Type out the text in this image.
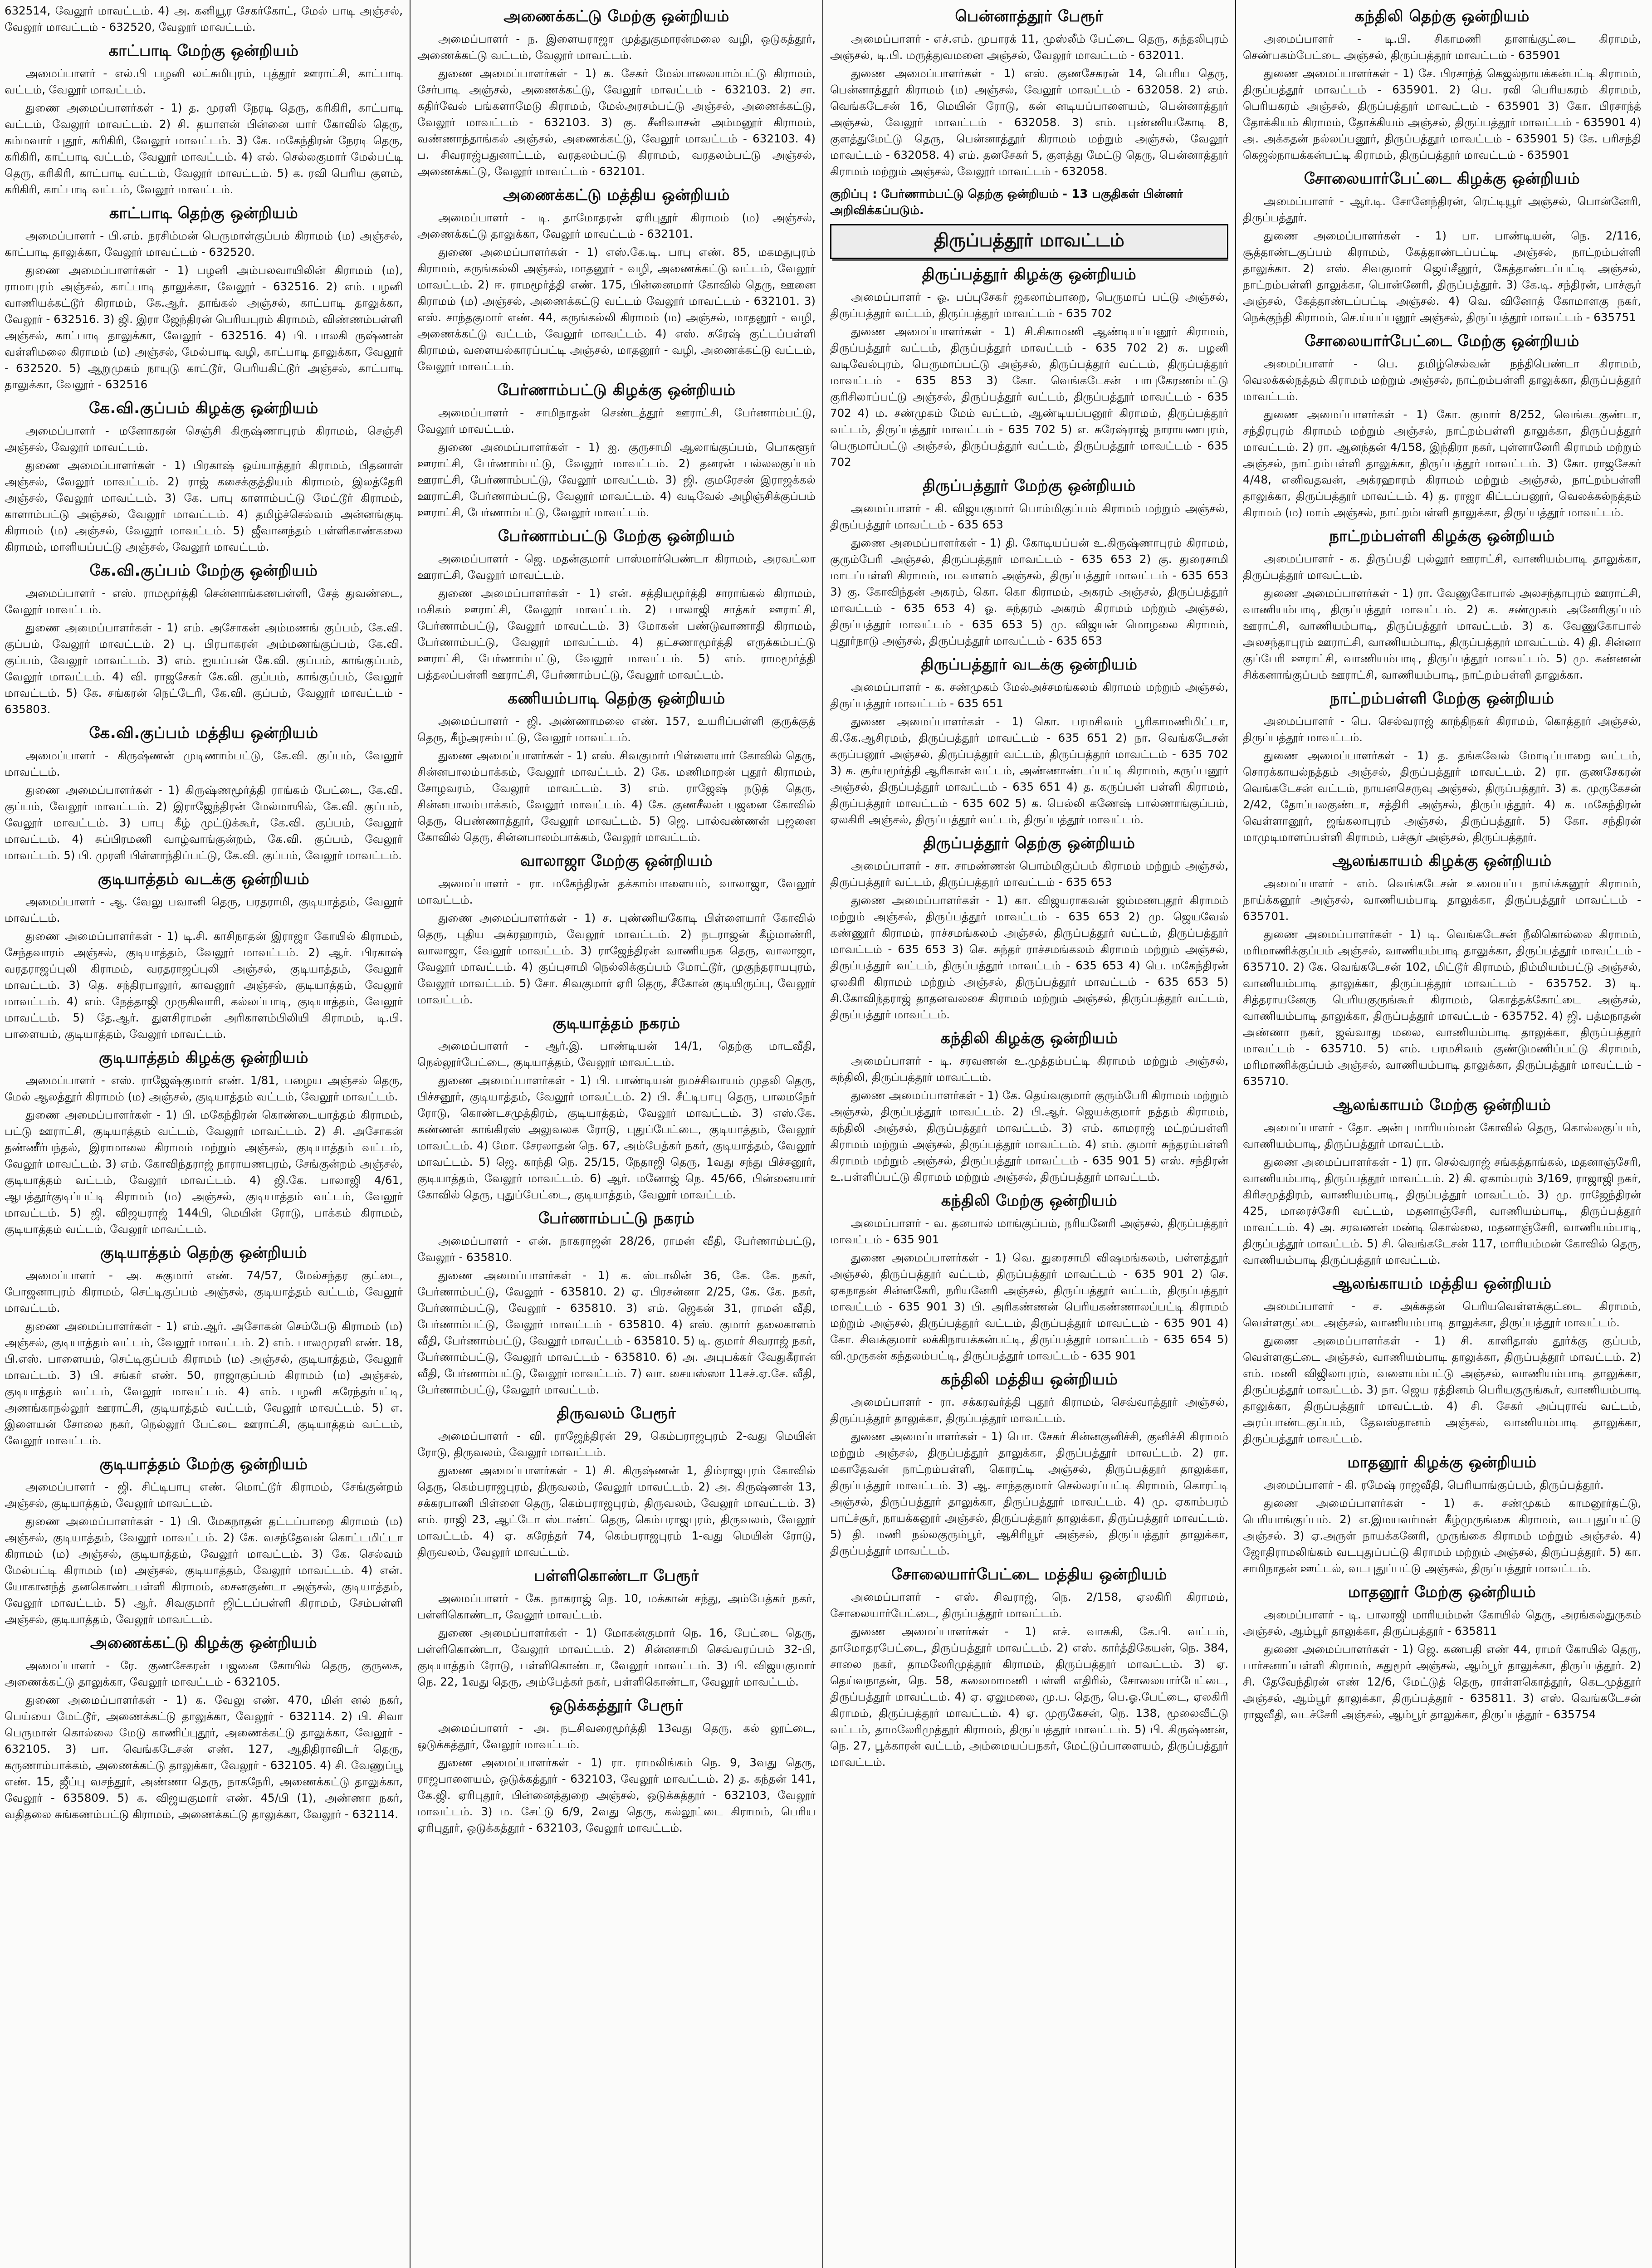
632514, வேலூர் மாவட்டம். 4) அ. கனியூர சேகர்கோட், மேல் பாடி அஞ்சல், வேலூர் மாவட்டம் - 632520, வேலூர் மாவட்டம்.

காட்பாடி மேற்கு ஒன்றியம்

அமைப்பாளர் - எல்.பி பழனி லட்சுமிபுரம், புத்தூர் ஊராட்சி, காட்பாடி வட்டம், வேலூர் மாவட்டம்.

துணை அமைப்பாளர்கள் - 1) த. முரளி நேரடி தெரு, கரிகிரி, காட்பாடி வட்டம், வேலூர் மாவட்டம். 2) சி. தயாளன் பின்னை யார் கோவில் தெரு, கம்மவார் புதூர், கரிகிரி, வேலூர் மாவட்டம். 3) கே. மகேந்திரன் நேரடி தெரு, கரிகிரி, காட்பாடி வட்டம், வேலூர் மாவட்டம். 4) எல். செல்லகுமார் மேல்பட்டி தெரு, கரிகிரி, காட்பாடி வட்டம், வேலூர் மாவட்டம். 5) க. ரவி பெரிய குளம், கரிகிரி, காட்பாடி வட்டம், வேலூர் மாவட்டம்.

காட்பாடி தெற்கு ஒன்றியம்

அமைப்பாளர் - பி.எம். நரசிம்மன் பெருமாள்குப்பம் கிராமம் (ம) அஞ்சல், காட்பாடி தாலுக்கா, வேலூர் மாவட்டம் - 632520.

துணை அமைப்பாளர்கள் - 1) பழனி அம்பலவாயிலின் கிராமம் (ம), ராமாபுரம் அஞ்சல், காட்பாடி தாலுக்கா, வேலூர் - 632516. 2) எம். பழனி வாணியக்கட்டூர் கிராமம், கே.ஆர். தாங்கல் அஞ்சல், காட்பாடி தாலுக்கா, வேலூர் - 632516. 3) ஜி. இரா ஜேந்திரன் பெரியபுரம் கிராமம், விண்ணம்பள்ளி அஞ்சல், காட்பாடி தாலுக்கா, வேலூர் - 632516. 4) பி. பாலகி ருஷ்ணன் வள்ளிமலை கிராமம் (ம) அஞ்சல், மேல்பாடி வழி, காட்பாடி தாலுக்கா, வேலூர் - 632520. 5) ஆறுமுகம் நாயுடு காட்டூர், பெரியகிட்டூர் அஞ்சல், காட்பாடி தாலுக்கா, வேலூர் - 632516

கே.வி.குப்பம் கிழக்கு ஒன்றியம்

அமைப்பாளர் - மனோகரன் செஞ்சி கிருஷ்ணாபுரம் கிராமம், செஞ்சி அஞ்சல், வேலூர் மாவட்டம்.

துணை அமைப்பாளர்கள் - 1) பிரகாஷ் ஒய்யாத்தூர் கிராமம், பிதனாள் அஞ்சல், வேலூர் மாவட்டம். 2) ராஜ் கசைக்குத்தியம் கிராமம், இலத்தேரி அஞ்சல், வேலூர் மாவட்டம். 3) கே. பாபு காளாம்பட்டு மேட்டூர் கிராமம், காளாம்பட்டு அஞ்சல், வேலூர் மாவட்டம். 4) தமிழ்ச்செல்வம் அன்னங்குடி கிராமம் (ம) அஞ்சல், வேலூர் மாவட்டம். 5) ஜீவானந்தம் பள்ளிகாண்கலை கிராமம், மாளியப்பட்டு அஞ்சல், வேலூர் மாவட்டம்.

கே.வி.குப்பம் மேற்கு ஒன்றியம்

அமைப்பாளர் - எஸ். ராமமூர்த்தி சென்னாங்கணபள்ளி, சேத் துவண்டை, வேலூர் மாவட்டம்.

துணை அமைப்பாளர்கள் - 1) எம். அசோகன் அம்மணங் குப்பம், கே.வி. குப்பம், வேலூர் மாவட்டம். 2) பு. பிரபாகரன் அம்மணங்குப்பம், கே.வி. குப்பம், வேலூர் மாவட்டம். 3) எம். ஐயப்பன் கே.வி. குப்பம், காங்குப்பம், வேலூர் மாவட்டம். 4) வி. ராஜசேகர் கே.வி. குப்பம், காங்குப்பம், வேலூர் மாவட்டம். 5) கே. சங்கரன் நெட்டேரி, கே.வி. குப்பம், வேலூர் மாவட்டம் - 635803.

கே.வி.குப்பம் மத்திய ஒன்றியம்

அமைப்பாளர் - கிருஷ்ணன் முடிணாம்பட்டு, கே.வி. குப்பம், வேலூர் மாவட்டம்.

துணை அமைப்பாளர்கள் - 1) கிருஷ்ணமூர்த்தி ராங்கம் பேட்டை, கே.வி. குப்பம், வேலூர் மாவட்டம். 2) இராஜேந்திரன் மேல்மாயில், கே.வி. குப்பம், வேலூர் மாவட்டம். 3) பாபு கீழ் முட்டுக்கூர், கே.வி. குப்பம், வேலூர் மாவட்டம். 4) சுப்பிரமணி வாழ்வாங்குன்றம், கே.வி. குப்பம், வேலூர் மாவட்டம். 5) பி. முரளி பிள்ளாந்திப்பட்டு, கே.வி. குப்பம், வேலூர் மாவட்டம்.

குடியாத்தம் வடக்கு ஒன்றியம்

அமைப்பாளர் - ஆ. வேலு பவானி தெரு, பரதராமி, குடியாத்தம், வேலூர் மாவட்டம்.

துணை அமைப்பாளர்கள் - 1) டி.சி. காசிநாதன் இராஜா கோயில் கிராமம், சேந்தவாரம் அஞ்சல், குடியாத்தம், வேலூர் மாவட்டம். 2) ஆர். பிரகாஷ் வரதராஜப்புலி கிராமம், வரதராஜப்புலி அஞ்சல், குடியாத்தம், வேலூர் மாவட்டம். 3) தெ. சந்திரபாலூர், காவனூர் அஞ்சல், குடியாத்தம், வேலூர் மாவட்டம். 4) எம். நேத்தாஜி முருகிவாரி, கல்லப்பாடி, குடியாத்தம், வேலூர் மாவட்டம். 5) தே.ஆர். துளசிராமன் அரிகாளம்பிலியி கிராமம், டி.பி. பாளையம், குடியாத்தம், வேலூர் மாவட்டம்.

குடியாத்தம் கிழக்கு ஒன்றியம்

அமைப்பாளர் - எஸ். ராஜேஷ்குமார் எண். 1/81, பழைய அஞ்சல் தெரு, மேல் ஆலத்தூர் கிராமம் (ம) அஞ்சல், குடியாத்தம் வட்டம், வேலூர் மாவட்டம்.

துணை அமைப்பாளர்கள் - 1) பி. மகேந்திரன் கொண்டையாத்தம் கிராமம், பட்டு ஊராட்சி, குடியாத்தம் வட்டம், வேலூர் மாவட்டம். 2) சி. அசோகன் தண்ணீர்பந்தல், இராமாலை கிராமம் மற்றும் அஞ்சல், குடியாத்தம் வட்டம், வேலூர் மாவட்டம். 3) எம். கோவிந்தராஜ் நாராயணபுரம், சேங்குன்றம் அஞ்சல், குடியாத்தம் வட்டம், வேலூர் மாவட்டம். 4) ஜி.கே. பாலாஜி 4/61, ஆபத்தூர்குடிப்பட்டி கிராமம் (ம) அஞ்சல், குடியாத்தம் வட்டம், வேலூர் மாவட்டம். 5) ஜி. விஜயராஜ் 144பி, மெயின் ரோடு, பாக்கம் கிராமம், குடியாத்தம் வட்டம், வேலூர் மாவட்டம்.

குடியாத்தம் தெற்கு ஒன்றியம்

அமைப்பாளர் - அ. சுகுமார் எண். 74/57, மேல்சந்தர குட்டை, போஜனாபுரம் கிராமம், செட்டிகுப்பம் அஞ்சல், குடியாத்தம் வட்டம், வேலூர் மாவட்டம்.

துணை அமைப்பாளர்கள் - 1) எம்.ஆர். அசோகன் செம்பேடு கிராமம் (ம) அஞ்சல், குடியாத்தம் வட்டம், வேலூர் மாவட்டம். 2) எம். பாலமுரளி எண். 18, பி.எஸ். பாளையம், செட்டிகுப்பம் கிராமம் (ம) அஞ்சல், குடியாத்தம், வேலூர் மாவட்டம். 3) பி. சங்கர் எண். 50, ராஜாகுப்பம் கிராமம் (ம) அஞ்சல், குடியாத்தம் வட்டம், வேலூர் மாவட்டம். 4) எம். பழனி சுரேந்தர்பட்டி, அணங்காநல்லூர் ஊராட்சி, குடியாத்தம் வட்டம், வேலூர் மாவட்டம். 5) எ. இளையன் சோலை நகர், நெல்லூர் பேட்டை ஊராட்சி, குடியாத்தம் வட்டம், வேலூர் மாவட்டம்.

குடியாத்தம் மேற்கு ஒன்றியம்

அமைப்பாளர் - ஜி. சிட்டிபாபு எண். மொட்டூர் கிராமம், சேங்குன்றம் அஞ்சல், குடியாத்தம், வேலூர் மாவட்டம்.

துணை அமைப்பாளர்கள் - 1) பி. மேகநாதன் தட்டப்பாறை கிராமம் (ம) அஞ்சல், குடியாத்தம், வேலூர் மாவட்டம். 2) கே. வசந்தேவன் கொட்டமிட்டா கிராமம் (ம) அஞ்சல், குடியாத்தம், வேலூர் மாவட்டம். 3) கே. செல்வம் மேல்பட்டி கிராமம் (ம) அஞ்சல், குடியாத்தம், வேலூர் மாவட்டம். 4) என். யோகானந்த் தனகொண்டபள்ளி கிராமம், சைனகுண்டா அஞ்சல், குடியாத்தம், வேலூர் மாவட்டம். 5) ஆர். சிவகுமார் ஜிட்டப்பள்ளி கிராமம், சேம்பள்ளி அஞ்சல், குடியாத்தம், வேலூர் மாவட்டம்.

அணைக்கட்டு கிழக்கு ஒன்றியம்

அமைப்பாளர் - ரே. குணசேகரன் பஜனை கோயில் தெரு, குருகை, அணைக்கட்டு தாலுக்கா, வேலூர் மாவட்டம் - 632105.

துணை அமைப்பாளர்கள் - 1) க. வேலு எண். 470, மின் னல் நகர், பெய்யை மேட்டூர், அணைக்கட்டு தாலுக்கா, வேலூர் - 632114. 2) பி. சிவா பெருமாள் கொல்லை மேடு காணிப்புதூர், அணைக்கட்டு தாலுக்கா, வேலூர் - 632105. 3) பா. வெங்கடேசன் எண். 127, ஆதிதிராவிடர் தெரு, கருணாம்பாக்கம், அணைக்கட்டு தாலுக்கா, வேலூர் - 632105. 4) சி. வேணுப்பூ எண். 15, ஜீப்பு வசந்தூர், அண்ணா தெரு, நாகநேரி, அணைக்கட்டு தாலுக்கா, வேலூர் - 635809. 5) க. விஜயகுமார் எண். 45/பி (1), அண்ணா நகர், வதிதலை சுங்கணம்பட்டு கிராமம், அணைக்கட்டு தாலுக்கா, வேலூர் - 632114.

அணைக்கட்டு மேற்கு ஒன்றியம்

அமைப்பாளர் - ந. இளையராஜா முத்துகுமாரன்மலை வழி, ஒடுகத்தூர், அணைக்கட்டு வட்டம், வேலூர் மாவட்டம்.

துணை அமைப்பாளர்கள் - 1) க. சேகர் மேல்பாலையாம்பட்டு கிராமம், சேர்பாடி அஞ்சல், அணைக்கட்டு, வேலூர் மாவட்டம் - 632103. 2) சா. கதிர்வேல் பங்களாமேடு கிராமம், மேல்அரசம்பட்டு அஞ்சல், அணைக்கட்டு, வேலூர் மாவட்டம் - 632103. 3) கு. சீனிவாசன் அம்மனூர் கிராமம், வண்ணாந்தாங்கல் அஞ்சல், அணைக்கட்டு, வேலூர் மாவட்டம் - 632103. 4) ப. சிவராஜ்பதுனாட்டம், வரதலம்பட்டு கிராமம், வரதலம்பட்டு அஞ்சல், அணைக்கட்டு, வேலூர் மாவட்டம் - 632101.

அணைக்கட்டு மத்திய ஒன்றியம்

அமைப்பாளர் - டி. தாமோதரன் ஏரிபுதூர் கிராமம் (ம) அஞ்சல், அணைக்கட்டு தாலுக்கா, வேலூர் மாவட்டம் - 632101.

துணை அமைப்பாளர்கள் - 1) எஸ்.கே.டி. பாபு எண். 85, மகமதுபுரம் கிராமம், கருங்கல்லி அஞ்சல், மாதனூர் - வழி, அணைக்கட்டு வட்டம், வேலூர் மாவட்டம். 2) ஈ. ராமமூர்த்தி எண். 175, பின்னைமார் கோவில் தெரு, ஊனை கிராமம் (ம) அஞ்சல், அணைக்கட்டு வட்டம் வேலூர் மாவட்டம் - 632101. 3) எஸ். சாந்தகுமார் எண். 44, கருங்கல்லி கிராமம் (ம) அஞ்சல், மாதனூர் - வழி, அணைக்கட்டு வட்டம், வேலூர் மாவட்டம். 4) எஸ். சுரேஷ் குட்டப்பள்ளி கிராமம், வளையல்காரப்பட்டி அஞ்சல், மாதனூர் - வழி, அணைக்கட்டு வட்டம், வேலூர் மாவட்டம்.

பேர்ணாம்பட்டு கிழக்கு ஒன்றியம்

அமைப்பாளர் - சாமிநாதன் செண்டத்தூர் ஊராட்சி, பேர்ணாம்பட்டு, வேலூர் மாவட்டம்.

துணை அமைப்பாளர்கள் - 1) ஐ. குருசாமி ஆலாங்குப்பம், பொகளூர் ஊராட்சி, பேர்ணாம்பட்டு, வேலூர் மாவட்டம். 2) தனரன் பல்லலகுப்பம் ஊராட்சி, பேர்ணாம்பட்டு, வேலூர் மாவட்டம். 3) ஜி. குமரேசன் இராஜக்கல் ஊராட்சி, பேர்ணாம்பட்டு, வேலூர் மாவட்டம். 4) வடிவேல் அழிஞ்சிக்குப்பம் ஊராட்சி, பேர்ணாம்பட்டு, வேலூர் மாவட்டம்.

பேர்ணாம்பட்டு மேற்கு ஒன்றியம்

அமைப்பாளர் - ஜெ. மதன்குமார் பாஸ்மார்பெண்டா கிராமம், அரவட்லா ஊராட்சி, வேலூர் மாவட்டம்.

துணை அமைப்பாளர்கள் - 1) என். சத்தியமூர்த்தி சாராங்கல் கிராமம், மசிகம் ஊராட்சி, வேலூர் மாவட்டம். 2) பாலாஜி சாத்கர் ஊராட்சி, பேர்ணாம்பட்டு, வேலூர் மாவட்டம். 3) மோகன் பண்டுவாணாதி கிராமம், பேர்ணாம்பட்டு, வேலூர் மாவட்டம். 4) தட்சணாமூர்த்தி எருக்கம்பட்டு ஊராட்சி, பேர்ணாம்பட்டு, வேலூர் மாவட்டம். 5) எம். ராமமூர்த்தி பத்தலப்பள்ளி ஊராட்சி, பேர்ணாம்பட்டு, வேலூர் மாவட்டம்.

கணியம்பாடி தெற்கு ஒன்றியம்

அமைப்பாளர் - ஜி. அண்ணாமலை எண். 157, உயரிப்பள்ளி குருக்குத் தெரு, கீழ்அரசம்பட்டு, வேலூர் மாவட்டம்.

துணை அமைப்பாளர்கள் - 1) எஸ். சிவகுமார் பிள்ளையார் கோவில் தெரு, சின்னபாலம்பாக்கம், வேலூர் மாவட்டம். 2) கே. மணிமாறன் புதூர் கிராமம், சோழவரம், வேலூர் மாவட்டம். 3) எம். ராஜேஷ் நடுத் தெரு, சின்னபாலம்பாக்கம், வேலூர் மாவட்டம். 4) கே. குணசீலன் பஜனை கோவில் தெரு, பெண்ணாத்தூர், வேலூர் மாவட்டம். 5) ஜெ. பால்வண்ணன் பஜனை கோவில் தெரு, சின்னபாலம்பாக்கம், வேலூர் மாவட்டம்.

வாலாஜா மேற்கு ஒன்றியம்

அமைப்பாளர் - ரா. மகேந்திரன் தக்காம்பாளையம், வாலாஜா, வேலூர் மாவட்டம்.

துணை அமைப்பாளர்கள் - 1) ச. புண்ணியகோடி பிள்ளையார் கோவில் தெரு, புதிய அக்ரஹாரம், வேலூர் மாவட்டம். 2) நடராஜன் கீழ்மாண்ரி, வாலாஜா, வேலூர் மாவட்டம். 3) ராஜேந்திரன் வாணியநக தெரு, வாலாஜா, வேலூர் மாவட்டம். 4) குப்புசாமி நெல்லிக்குப்பம் மோட்டூர், முகுந்தராயபுரம், வேலூர் மாவட்டம். 5) சோ. சிவகுமார் ஏரி தெரு, சீகோன் குடியிருப்பு, வேலூர் மாவட்டம்.

குடியாத்தம் நகரம்

அமைப்பாளர் - ஆர்.இ. பாண்டியன் 14/1, தெற்கு மாடவீதி, நெல்லூர்பேட்டை, குடியாத்தம், வேலூர் மாவட்டம்.

துணை அமைப்பாளர்கள் - 1) பி. பாண்டியன் நமச்சிவாயம் முதலி தெரு, பிச்சனூர், குடியாத்தம், வேலூர் மாவட்டம். 2) பி. சீட்டிபாபு தெரு, பாலமநேர் ரோடு, கொண்டசமுத்திரம், குடியாத்தம், வேலூர் மாவட்டம். 3) எஸ்.கே. கண்ணன் காங்கிரஸ் அலுவலக ரோடு, புதுப்பேட்டை, குடியாத்தம், வேலூர் மாவட்டம். 4) மோ. சேரலாதன் நெ. 67, அம்பேத்கர் நகர், குடியாத்தம், வேலூர் மாவட்டம். 5) ஜெ. காந்தி நெ. 25/15, நேதாஜி தெரு, 1வது சந்து பிச்சனூர், குடியாத்தம், வேலூர் மாவட்டம். 6) ஆர். மனோஜ் நெ. 45/66, பின்னையார் கோவில் தெரு, புதுப்பேட்டை, குடியாத்தம், வேலூர் மாவட்டம்.

பேர்ணாம்பட்டு நகரம்

அமைப்பாளர் - என். நாகராஜன் 28/26, ராமன் வீதி, பேர்ணாம்பட்டு, வேலூர் - 635810.

துணை அமைப்பாளர்கள் - 1) க. ஸ்டாலின் 36, கே. கே. நகர், பேர்ணாம்பட்டு, வேலூர் - 635810. 2) ஏ. பிரசன்னா 2/25, கே. கே. நகர், பேர்ணாம்பட்டு, வேலூர் - 635810. 3) எம். ஜெகன் 31, ராமன் வீதி, பேர்ணாம்பட்டு, வேலூர் மாவட்டம் - 635810. 4) எஸ். குமார் தலைகாளம் வீதி, பேர்ணாம்பட்டு, வேலூர் மாவட்டம் - 635810. 5) டி. குமார் சிவராஜ் நகர், பேர்ணாம்பட்டு, வேலூர் மாவட்டம் - 635810. 6) அ. அபுபக்கர் வேதுகீரான் வீதி, பேர்ணாம்பட்டு, வேலூர் மாவட்டம். 7) வா. சையஸ்ஸா 11சச்.ஏ.சே. வீதி, பேர்ணாம்பட்டு, வேலூர் மாவட்டம்.

திருவலம் பேரூர்

அமைப்பாளர் - வி. ராஜேந்திரன் 29, கெம்பராஜபுரம் 2-வது மெயின் ரோடு, திருவலம், வேலூர் மாவட்டம்.

துணை அமைப்பாளர்கள் - 1) சி. கிருஷ்ணன் 1, திம்ராஜபுரம் கோவில் தெரு, கெம்பராஜபுரம், திருவலம், வேலூர் மாவட்டம். 2) அ. கிருஷ்ணன் 13, சக்கரபாணி பிள்ளை தெரு, கெம்பராஜபுரம், திருவலம், வேலூர் மாவட்டம். 3) எம். ராஜி 23, ஆட்டோ ஸ்டாண்ட் தெரு, கெம்பராஜபுரம், திருவலம், வேலூர் மாவட்டம். 4) ஏ. சுரேந்தர் 74, கெம்பராஜபுரம் 1-வது மெயின் ரோடு, திருவலம், வேலூர் மாவட்டம்.

பள்ளிகொண்டா பேரூர்

அமைப்பாளர் - கே. நாகராஜ் நெ. 10, மக்கான் சந்து, அம்பேத்கர் நகர், பள்ளிகொண்டா, வேலூர் மாவட்டம்.

துணை அமைப்பாளர்கள் - 1) மோகன்குமார் நெ. 16, பேட்டை தெரு, பள்ளிகொண்டா, வேலூர் மாவட்டம். 2) சின்னசாமி செவ்வரப்பம் 32-பி, குடியாத்தம் ரோடு, பள்ளிகொண்டா, வேலூர் மாவட்டம். 3) பி. விஜயகுமார் நெ. 22, 1வது தெரு, அம்பேத்கர் நகர், பள்ளிகொண்டா, வேலூர் மாவட்டம்.

ஒடுக்கத்தூர் பேரூர்

அமைப்பாளர் - அ. நடசிவரைமூர்த்தி 13வது தெரு, கல் லூட்டை, ஒடுக்கத்தூர், வேலூர் மாவட்டம்.

துணை அமைப்பாளர்கள் - 1) ரா. ராமலிங்கம் நெ. 9, 3வது தெரு, ராஜபாளையம், ஒடுக்கத்தூர் - 632103, வேலூர் மாவட்டம். 2) த. கந்தன் 141, கே.ஜி. ஏரிபுதூர், பின்னைத்துறை அஞ்சல், ஒடுக்கத்தூர் - 632103, வேலூர் மாவட்டம். 3) ம. சேட்டு 6/9, 2வது தெரு, கல்லூட்டை கிராமம், பெரிய ஏரிபுதூர், ஒடுக்கத்தூர் - 632103, வேலூர் மாவட்டம்.

பென்னாத்தூர் பேரூர்

அமைப்பாளர் - எச்.எம். முபாரக் 11, முஸ்லீம் பேட்டை தெரு, சுந்தலிபுரம் அஞ்சல், டி.பி. மருத்துவமனை அஞ்சல், வேலூர் மாவட்டம் - 632011.

துணை அமைப்பாளர்கள் - 1) எஸ். குணசேகரன் 14, பெரிய தெரு, பென்னாத்தூர் கிராமம் (ம) அஞ்சல், வேலூர் மாவட்டம் - 632058. 2) எம். வெங்கடேசன் 16, மெயின் ரோடு, கன் னடியப்பாளையம், பென்னாத்தூர் அஞ்சல், வேலூர் மாவட்டம் - 632058. 3) எம். புண்ணியகோடி 8, குளத்துமேட்டு தெரு, பென்னாத்தூர் கிராமம் மற்றும் அஞ்சல், வேலூர் மாவட்டம் - 632058. 4) எம். தனசேகர் 5, குளத்து மேட்டு தெரு, பென்னாத்தூர் கிராமம் மற்றும் அஞ்சல், வேலூர் மாவட்டம் - 632058.

குறிப்பு : பேர்ணாம்பட்டு தெற்கு ஒன்றியம் - 13 பகுதிகள் பின்னர் அறிவிக்கப்படும்.
திருப்பத்தூர் மாவட்டம்
திருப்பத்தூர் கிழக்கு ஒன்றியம்

அமைப்பாளர் - ஓ. பப்புசேகர் ஜகலாம்பாறை, பெருமாப் பட்டு அஞ்சல், திருப்பத்தூர் வட்டம், திருப்பத்தூர் மாவட்டம் - 635 702

துணை அமைப்பாளர்கள் - 1) சி.சிகாமணி ஆண்டியப்பனூர் கிராமம், திருப்பத்தூர் வட்டம், திருப்பத்தூர் மாவட்டம் - 635 702 2) சு. பழனி வடிவேல்புரம், பெருமாப்பட்டு அஞ்சல், திருப்பத்தூர் வட்டம், திருப்பத்தூர் மாவட்டம் - 635 853 3) கோ. வெங்கடேசன் பாபுகேரணம்பட்டு குரிசிலாப்பட்டு அஞ்சல், திருப்பத்தூர் வட்டம், திருப்பத்தூர் மாவட்டம் - 635 702 4) ம. சண்முகம் மேம் வட்டம், ஆண்டியப்பனூர் கிராமம், திருப்பத்தூர் வட்டம், திருப்பத்தூர் மாவட்டம் - 635 702 5) எ. சுரேஷ்ராஜ் நாராயணபுரம், பெருமாப்பட்டு அஞ்சல், திருப்பத்தூர் வட்டம், திருப்பத்தூர் மாவட்டம் - 635 702

திருப்பத்தூர் மேற்கு ஒன்றியம்

அமைப்பாளர் - கி. விஜயகுமார் பொம்மிகுப்பம் கிராமம் மற்றும் அஞ்சல், திருப்பத்தூர் மாவட்டம் - 635 653

துணை அமைப்பாளர்கள் - 1) தி. கோடியப்பன் உ.கிருஷ்ணாபுரம் கிராமம், குரும்பேரி அஞ்சல், திருப்பத்தூர் மாவட்டம் - 635 653 2) கு. துரைசாமி மாடப்பள்ளி கிராமம், மடவாளம் அஞ்சல், திருப்பத்தூர் மாவட்டம் - 635 653 3) கு. கோவிந்தன் அகரம், கொ. கொ கிராமம், அகரம் அஞ்சல், திருப்பத்தூர் மாவட்டம் - 635 653 4) ஓ. சுந்தரம் அகரம் கிராமம் மற்றும் அஞ்சல், திருப்பத்தூர் மாவட்டம் - 635 653 5) மு. விஜயன் மொழலை கிராமம், புதூர்நாடு அஞ்சல், திருப்பத்தூர் மாவட்டம் - 635 653

திருப்பத்தூர் வடக்கு ஒன்றியம்

அமைப்பாளர் - க. சண்முகம் மேல்அச்சமங்கலம் கிராமம் மற்றும் அஞ்சல், திருப்பத்தூர் மாவட்டம் - 635 651

துணை அமைப்பாளர்கள் - 1) கொ. பரமசிவம் பூரிகாமணிமிட்டா, கி.கே.ஆசிரமம், திருப்பத்தூர் மாவட்டம் - 635 651 2) நா. வெங்கடேசன் கருப்பனூர் அஞ்சல், திருப்பத்தூர் வட்டம், திருப்பத்தூர் மாவட்டம் - 635 702 3) சு. சூர்யமூர்த்தி ஆரிகான் வட்டம், அண்ணாண்டப்பட்டி கிராமம், கருப்பனூர் அஞ்சல், திருப்பத்தூர் மாவட்டம் - 635 651 4) த. கருப்பன் பள்ளி கிராமம், திருப்பத்தூர் மாவட்டம் - 635 602 5) க. பெல்லி கணேஷ் பால்ணாங்குப்பம், ஏலகிரி அஞ்சல், திருப்பத்தூர் வட்டம், திருப்பத்தூர் மாவட்டம்.

திருப்பத்தூர் தெற்கு ஒன்றியம்

அமைப்பாளர் - சா. சாமண்ணன் பொம்மிகுப்பம் கிராமம் மற்றும் அஞ்சல், திருப்பத்தூர் வட்டம், திருப்பத்தூர் மாவட்டம் - 635 653

துணை அமைப்பாளர்கள் - 1) கா. விஜயராகவன் ஜம்மணபுதூர் கிராமம் மற்றும் அஞ்சல், திருப்பத்தூர் மாவட்டம் - 635 653 2) மு. ஜெயவேல் கண்ணூர் கிராமம், ராச்சமங்கலம் அஞ்சல், திருப்பத்தூர் வட்டம், திருப்பத்தூர் மாவட்டம் - 635 653 3) செ. சுந்தர் ராச்சமங்கலம் கிராமம் மற்றும் அஞ்சல், திருப்பத்தூர் வட்டம், திருப்பத்தூர் மாவட்டம் - 635 653 4) பெ. மகேந்திரன் ஏலகிரி கிராமம் மற்றும் அஞ்சல், திருப்பத்தூர் மாவட்டம் - 635 653 5) சி.கோவிந்தராஜ் தாதனவலசை கிராமம் மற்றும் அஞ்சல், திருப்பத்தூர் வட்டம், திருப்பத்தூர் மாவட்டம்.

கந்திலி கிழக்கு ஒன்றியம்

அமைப்பாளர் - டி. சரவணன் உ.முத்தம்பட்டி கிராமம் மற்றும் அஞ்சல், கந்திலி, திருப்பத்தூர் மாவட்டம்.

துணை அமைப்பாளர்கள் - 1) கே. தெய்வகுமார் குரும்பேரி கிராமம் மற்றும் அஞ்சல், திருப்பத்தூர் மாவட்டம். 2) பி.ஆர். ஜெயக்குமார் நத்தம் கிராமம், கந்திலி அஞ்சல், திருப்பத்தூர் மாவட்டம். 3) எம். காமராஜ் மட்றப்பள்ளி கிராமம் மற்றும் அஞ்சல், திருப்பத்தூர் மாவட்டம். 4) எம். குமார் சுந்தரம்பள்ளி கிராமம் மற்றும் அஞ்சல், திருப்பத்தூர் மாவட்டம் - 635 901 5) எஸ். சந்திரன் உ.பள்ளிப்பட்டு கிராமம் மற்றும் அஞ்சல், திருப்பத்தூர் மாவட்டம்.

கந்திலி மேற்கு ஒன்றியம்

அமைப்பாளர் - வ. தனபால் மாங்குப்பம், நரியனேரி அஞ்சல், திருப்பத்தூர் மாவட்டம் - 635 901

துணை அமைப்பாளர்கள் - 1) வெ. துரைசாமி விஷமங்கலம், பள்ளத்தூர் அஞ்சல், திருப்பத்தூர் வட்டம், திருப்பத்தூர் மாவட்டம் - 635 901 2) செ. ஏகநாதன் சின்னகேரி, நரியனேரி அஞ்சல், திருப்பத்தூர் வட்டம், திருப்பத்தூர் மாவட்டம் - 635 901 3) பி. அரிகண்ணன் பெரியகண்ணாலப்பட்டி கிராமம் மற்றும் அஞ்சல், திருப்பத்தூர் வட்டம், திருப்பத்தூர் மாவட்டம் - 635 901 4) கோ. சிவக்குமார் லக்கிநாயக்கன்பட்டி, திருப்பத்தூர் மாவட்டம் - 635 654 5) வி.முருகன் கந்தலம்பட்டி, திருப்பத்தூர் மாவட்டம் - 635 901

கந்திலி மத்திய ஒன்றியம்

அமைப்பாளர் - ரா. சக்கரவர்த்தி புதூர் கிராமம், செவ்வாத்தூர் அஞ்சல், திருப்பத்தூர் தாலுக்கா, திருப்பத்தூர் மாவட்டம்.

துணை அமைப்பாளர்கள் - 1) பொ. சேகர் சின்னகுனிச்சி, குனிச்சி கிராமம் மற்றும் அஞ்சல், திருப்பத்தூர் தாலுக்கா, திருப்பத்தூர் மாவட்டம். 2) ரா. மகாதேவன் நாட்றம்பள்ளி, கொரட்டி அஞ்சல், திருப்பத்தூர் தாலுக்கா, திருப்பத்தூர் மாவட்டம். 3) ஆ. சாந்தகுமார் செல்லரப்பட்டி கிராமம், கொரட்டி அஞ்சல், திருப்பத்தூர் தாலுக்கா, திருப்பத்தூர் மாவட்டம். 4) மு. ஏகாம்பரம் பாட்ச்சூர், நாயக்கனூர் அஞ்சல், திருப்பத்தூர் தாலுக்கா, திருப்பத்தூர் மாவட்டம். 5) தி. மணி நல்லகுரும்பூர், ஆசிரியூர் அஞ்சல், திருப்பத்தூர் தாலுக்கா, திருப்பத்தூர் மாவட்டம்.

சோலையார்பேட்டை மத்திய ஒன்றியம்

அமைப்பாளர் - எஸ். சிவராஜ், நெ. 2/158, ஏலகிரி கிராமம், சோலையார்பேட்டை, திருப்பத்தூர் மாவட்டம்.

துணை அமைப்பாளர்கள் - 1) எச். வாசுகி, கே.பி. வட்டம், தாமோதரபேட்டை, திருப்பத்தூர் மாவட்டம். 2) எஸ். கார்த்திகேயன், நெ. 384, சாலை நகர், தாமலேரிமுத்தூர் கிராமம், திருப்பத்தூர் மாவட்டம். 3) ஏ. தெய்வநாதன், நெ. 58, கலைமாமணி பள்ளி எதிரில், சோலையார்பேட்டை, திருப்பத்தூர் மாவட்டம். 4) ஏ. ஏலுமலை, மு.ப. தெரு, பெ.ஓ.பேட்டை, ஏலகிரி கிராமம், திருப்பத்தூர் மாவட்டம். 4) ஏ. முருகேசன், நெ. 138, மூலைவீட்டு வட்டம், தாமலேரிமுத்தூர் கிராமம், திருப்பத்தூர் மாவட்டம். 5) பி. கிருஷ்ணன், நெ. 27, பூக்காரன் வட்டம், அம்மையப்பநகர், மேட்டுப்பாளையம், திருப்பத்தூர் மாவட்டம்.

கந்திலி தெற்கு ஒன்றியம்

அமைப்பாளர் - டி.பி. சிகாமணி தாளங்குட்டை கிராமம், செண்பகம்பேட்டை அஞ்சல், திருப்பத்தூர் மாவட்டம் - 635901

துணை அமைப்பாளர்கள் - 1) சே. பிரசாந்த் கெஜல்நாயக்கன்பட்டி கிராமம், திருப்பத்தூர் மாவட்டம் - 635901. 2) பெ. ரவி பெரியகரம் கிராமம், பெரியகரம் அஞ்சல், திருப்பத்தூர் மாவட்டம் - 635901 3) கோ. பிரசாந்த் தோக்கியம் கிராமம், தோக்கியம் அஞ்சல், திருப்பத்தூர் மாவட்டம் - 635901 4) அ. அக்கதன் நல்லப்பனூர், திருப்பத்தூர் மாவட்டம் - 635901 5) கே. பரிசந்தி கெஜல்நாயக்கன்பட்டி கிராமம், திருப்பத்தூர் மாவட்டம் - 635901

சோலையார்பேட்டை கிழக்கு ஒன்றியம்

அமைப்பாளர் - ஆர்.டி. சோனேந்திரன், ரெட்டியூர் அஞ்சல், பொன்னேரி, திருப்பத்தூர்.

துணை அமைப்பாளர்கள் - 1) பா. பாண்டியன், நெ. 2/116, சூத்தாண்டகுப்பம் கிராமம், கேத்தாண்டப்பட்டி அஞ்சல், நாட்றம்பள்ளி தாலுக்கா. 2) எஸ். சிவகுமார் ஜெய்சீனூர், கேத்தாண்டப்பட்டி அஞ்சல், நாட்றம்பள்ளி தாலுக்கா, பொன்னேரி, திருப்பத்தூர். 3) கே.டி. சந்திரன், பாச்சூர் அஞ்சல், கேத்தாண்டப்பட்டி அஞ்சல். 4) வெ. வினோத் கோமாளகு நகர், நெக்குந்தி கிராமம், செ.ய்யப்பனூர் அஞ்சல், திருப்பத்தூர் மாவட்டம் - 635751

சோலையார்பேட்டை மேற்கு ஒன்றியம்

அமைப்பாளர் - பெ. தமிழ்செல்வன் நந்திபெண்டா கிராமம், வெலக்கல்நத்தம் கிராமம் மற்றும் அஞ்சல், நாட்றம்பள்ளி தாலுக்கா, திருப்பத்தூர் மாவட்டம்.

துணை அமைப்பாளர்கள் - 1) கோ. குமார் 8/252, வெங்கடகுண்டா, சந்திரபுரம் கிராமம் மற்றும் அஞ்சல், நாட்றம்பள்ளி தாலுக்கா, திருப்பத்தூர் மாவட்டம். 2) ரா. ஆனந்தன் 4/158, இந்திரா நகர், புள்ளானேரி கிராமம் மற்றும் அஞ்சல், நாட்றம்பள்ளி தாலுக்கா, திருப்பத்தூர் மாவட்டம். 3) கோ. ராஜசேகர் 4/48, எனிவதவன், அக்ரஹாரம் கிராமம் மற்றும் அஞ்சல், நாட்றம்பள்ளி தாலுக்கா, திருப்பத்தூர் மாவட்டம். 4) த. ராஜா கிட்டப்பனூர், வெலக்கல்நத்தம் கிராமம் (ம) மாம் அஞ்சல், நாட்றம்பள்ளி தாலுக்கா, திருப்பத்தூர் மாவட்டம்.

நாட்றம்பள்ளி கிழக்கு ஒன்றியம்

அமைப்பாளர் - க. திருப்பதி புல்லூர் ஊராட்சி, வாணியம்பாடி தாலுக்கா, திருப்பத்தூர் மாவட்டம்.

துணை அமைப்பாளர்கள் - 1) ரா. வேணுகோபால் அலசந்தாபுரம் ஊராட்சி, வாணியம்பாடி, திருப்பத்தூர் மாவட்டம். 2) க. சண்முகம் அனேரிகுப்பம் ஊராட்சி, வாணியம்பாடி, திருப்பத்தூர் மாவட்டம். 3) க. வேணுகோபால் அலசந்தாபுரம் ஊராட்சி, வாணியம்பாடி, திருப்பத்தூர் மாவட்டம். 4) தி. சின்னா குப்பேரி ஊராட்சி, வாணியம்பாடி, திருப்பத்தூர் மாவட்டம். 5) மு. கண்ணன் சிக்கனாங்குப்பம் ஊராட்சி, வாணியம்பாடி, நாட்றம்பள்ளி தாலுக்கா.

நாட்றம்பள்ளி மேற்கு ஒன்றியம்

அமைப்பாளர் - பெ. செல்வராஜ் காந்திநகர் கிராமம், கொத்தூர் அஞ்சல், திருப்பத்தூர் மாவட்டம்.

துணை அமைப்பாளர்கள் - 1) த. தங்கவேல் மோடிப்பாறை வட்டம், சொரக்காயல்நத்தம் அஞ்சல், திருப்பத்தூர் மாவட்டம். 2) ரா. குணசேகரன் வெங்கடேசன் வட்டம், நாயனசெருவு அஞ்சல், திருப்பத்தூர். 3) க. முருகேசன் 2/42, தோப்பலகுண்டா, சத்திரி அஞ்சல், திருப்பத்தூர். 4) க. மகேந்திரன் வெள்ளானூர், ஜங்கலாபுரம் அஞ்சல், திருப்பத்தூர். 5) கோ. சந்திரன் மாமுடிமாளப்பள்ளி கிராமம், பச்சூர் அஞ்சல், திருப்பத்தூர்.

ஆலங்காயம் கிழக்கு ஒன்றியம்

அமைப்பாளர் - எம். வெங்கடேசன் உமையப்ப நாய்க்கனூர் கிராமம், நாய்க்கனூர் அஞ்சல், வாணியம்பாடி தாலுக்கா, திருப்பத்தூர் மாவட்டம் - 635701.

துணை அமைப்பாளர்கள் - 1) டி. வெங்கடேசன் நீலிகொல்லை கிராமம், மரிமாணிக்குப்பம் அஞ்சல், வாணியம்பாடி தாலுக்கா, திருப்பத்தூர் மாவட்டம் - 635710. 2) கே. வெங்கடேசன் 102, மிட்டூர் கிராமம், நிம்மியம்பட்டு அஞ்சல், வாணியம்பாடி தாலுக்கா, திருப்பத்தூர் மாவட்டம் - 635752. 3) டி. சித்தராயனேரு பெரியகுருங்கூர் கிராமம், கொத்தக்கோட்டை அஞ்சல், வாணியம்பாடி தாலுக்கா, திருப்பத்தூர் மாவட்டம் - 635752. 4) ஜி. பத்மநாதன் அண்ணா நகர், ஜவ்வாது மலை, வாணியம்பாடி தாலுக்கா, திருப்பத்தூர் மாவட்டம் - 635710. 5) எம். பரமசிவம் குண்டுமணிப்பட்டு கிராமம், மரிமாணிக்குப்பம் அஞ்சல், வாணியம்பாடி தாலுக்கா, திருப்பத்தூர் மாவட்டம் - 635710.

ஆலங்காயம் மேற்கு ஒன்றியம்

அமைப்பாளர் - தோ. அன்பு மாரியம்மன் கோவில் தெரு, கொல்லகுப்பம், வாணியம்பாடி, திருப்பத்தூர் மாவட்டம்.

துணை அமைப்பாளர்கள் - 1) ரா. செல்வராஜ் சங்கத்தாங்கல், மதனாஞ்சேரி, வாணியம்பாடி, திருப்பத்தூர் மாவட்டம். 2) கி. ஏகாம்பரம் 3/169, ராஜாஜி நகர், கிரிசமுத்திரம், வாணியம்பாடி, திருப்பத்தூர் மாவட்டம். 3) மு. ராஜேந்திரன் 425, மாரைச்சேரி வட்டம், மதனாஞ்சேரி, வாணியம்பாடி, திருப்பத்தூர் மாவட்டம். 4) அ. சரவணன் மண்டி கொல்லை, மதனாஞ்சேரி, வாணியம்பாடி, திருப்பத்தூர் மாவட்டம். 5) சி. வெங்கடேசன் 117, மாரியம்மன் கோவில் தெரு, வாணியம்பாடி திருப்பத்தூர் மாவட்டம்.

ஆலங்காயம் மத்திய ஒன்றியம்

அமைப்பாளர் - ச. அக்சுதன் பெரியவெள்ளக்குட்டை கிராமம், வெள்ளகுட்டை அஞ்சல், வாணியம்பாடி தாலுக்கா, திருப்பத்தூர் மாவட்டம்.

துணை அமைப்பாளர்கள் - 1) சி. காளிதாஸ் தூர்க்கு குப்பம், வெள்ளகுட்டை அஞ்சல், வாணியம்பாடி தாலுக்கா, திருப்பத்தூர் மாவட்டம். 2) எம். மணி விஜிலாபுரம், வளையம்பட்டு அஞ்சல், வாணியம்பாடி தாலுக்கா, திருப்பத்தூர் மாவட்டம். 3) நா. ஜெய ரத்தினம் பெரியகுருங்கூர், வாணியம்பாடி தாலுக்கா, திருப்பத்தூர் மாவட்டம். 4) சி. சேகர் அப்புராவ் வட்டம், அரப்பாண்டகுப்பம், தேவஸ்தானம் அஞ்சல், வாணியம்பாடி தாலுக்கா, திருப்பத்தூர் மாவட்டம்.

மாதனூர் கிழக்கு ஒன்றியம்

அமைப்பாளர் - கி. ரமேஷ் ராஜவீதி, பெரியாங்குப்பம், திருப்பத்தூர்.

துணை அமைப்பாளர்கள் - 1) சு. சண்முகம் காமனூர்தட்டு, பெரியாங்குப்பம். 2) எ.இமயவர்மன் கீழ்முருங்கை கிராமம், வடபுதுப்பட்டு அஞ்சல். 3) ஏ.அருள் நாயக்கனேரி, முருங்கை கிராமம் மற்றும் அஞ்சல். 4) ஜோதிராமலிங்கம் வடபுதுப்பட்டு கிராமம் மற்றும் அஞ்சல், திருப்பத்தூர். 5) கா. சாமிநாதன் ஊட்டல், வடபுதுப்பட்டு அஞ்சல், திருப்பத்தூர் மாவட்டம்.

மாதனூர் மேற்கு ஒன்றியம்

அமைப்பாளர் - டி. பாலாஜி மாரியம்மன் கோயில் தெரு, அரங்கல்துருகம் அஞ்சல், ஆம்பூர் தாலுக்கா, திருப்பத்தூர் - 635811

துணை அமைப்பாளர்கள் - 1) ஜெ. கணபதி எண் 44, ராமர் கோயில் தெரு, பார்சனாப்பள்ளி கிராமம், சுதுமூர் அஞ்சல், ஆம்பூர் தாலுக்கா, திருப்பத்தூர். 2) சி. தேவேந்திரன் எண் 12/6, மேட்டுத் தெரு, ராள்ளகொத்தூர், கெடமுத்தூர் அஞ்சல், ஆம்பூர் தாலுக்கா, திருப்பத்தூர் - 635811. 3) எஸ். வெங்கடேசன் ராஜவீதி, வடச்சேரி அஞ்சல், ஆம்பூர் தாலுக்கா, திருப்பத்தூர் - 635754
